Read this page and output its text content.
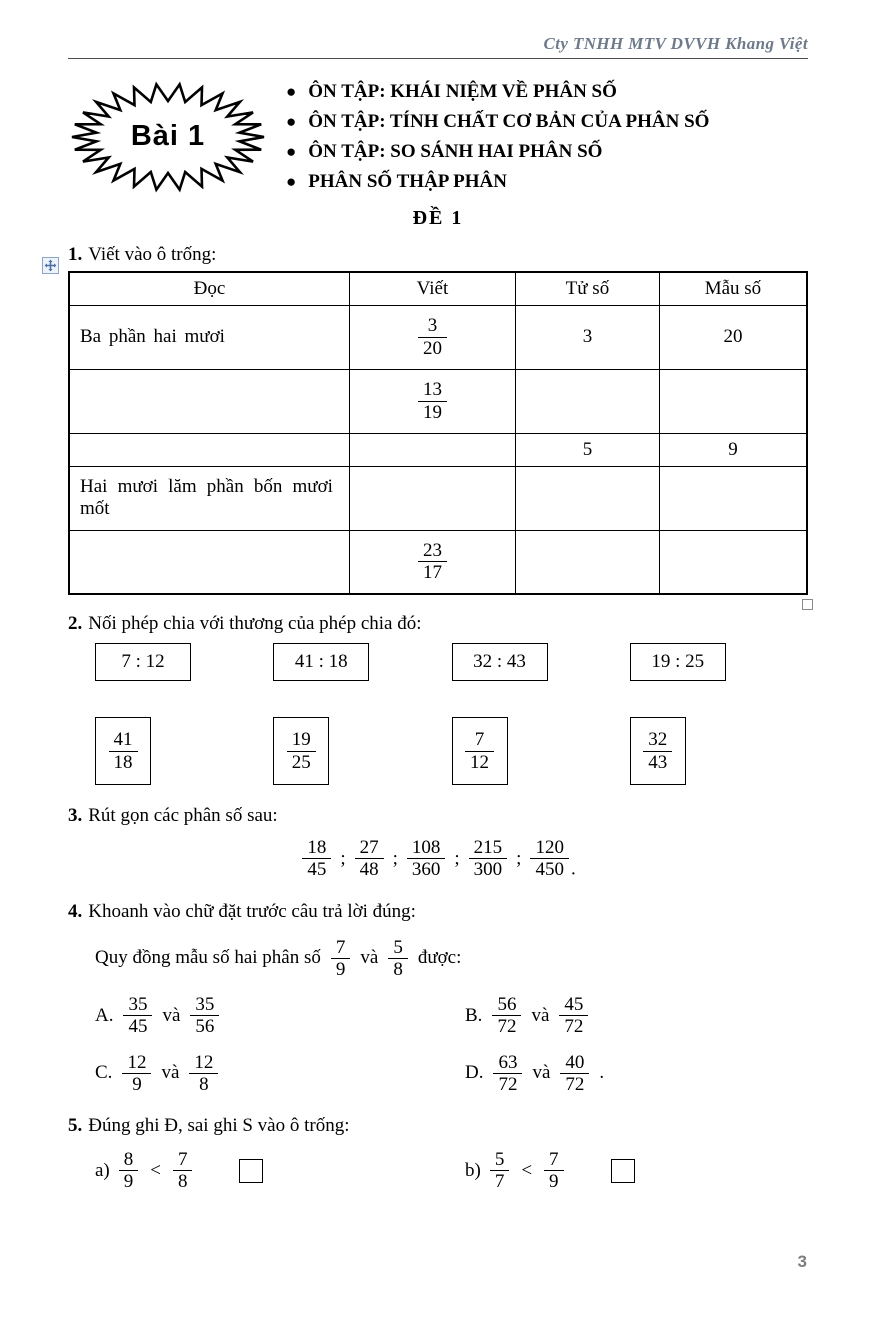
Cty TNHH MTV DVVH Khang Việt
Bài 1
● ÔN TẬP: KHÁI NIỆM VỀ PHÂN SỐ
● ÔN TẬP: TÍNH CHẤT CƠ BẢN CỦA PHÂN SỐ
● ÔN TẬP: SO SÁNH HAI PHÂN SỐ
● PHÂN SỐ THẬP PHÂN
ĐỀ 1
1. Viết vào ô trống:
Đọc	Viết	Tử số	Mẫu số
Ba phần hai mươi	$\frac{3}{20}$	3	20

	$\frac{13}{19}$

		5	9
Hai mươi lăm phần bốn mươi mốt			

	$\frac{23}{17}$

2. Nối phép chia với thương của phép chia đó:
7 : 12	41 : 18	32 : 43	19 : 25
$\frac{41}{18}$	$\frac{19}{25}$	$\frac{7}{12}$	$\frac{32}{43}$
3. Rút gọn các phân số sau:
$\frac{18}{45}$ ; $\frac{27}{48}$ ; $\frac{108}{360}$ ; $\frac{215}{300}$ ; $\frac{120}{450}$ .
4. Khoanh vào chữ đặt trước câu trả lời đúng:
Quy đồng mẫu số hai phân số $\frac{7}{9}$ và $\frac{5}{8}$ được:
A. $\frac{35}{45}$ và $\frac{35}{56}$	B. $\frac{56}{72}$ và $\frac{45}{72}$
C. $\frac{12}{9}$ và $\frac{12}{8}$	D. $\frac{63}{72}$ và $\frac{40}{72}$ .
5. Đúng ghi Đ, sai ghi S vào ô trống:
$a) \frac{8}{9} < \frac{7}{8}$	$b) \frac{5}{7} < \frac{7}{9}$
3
